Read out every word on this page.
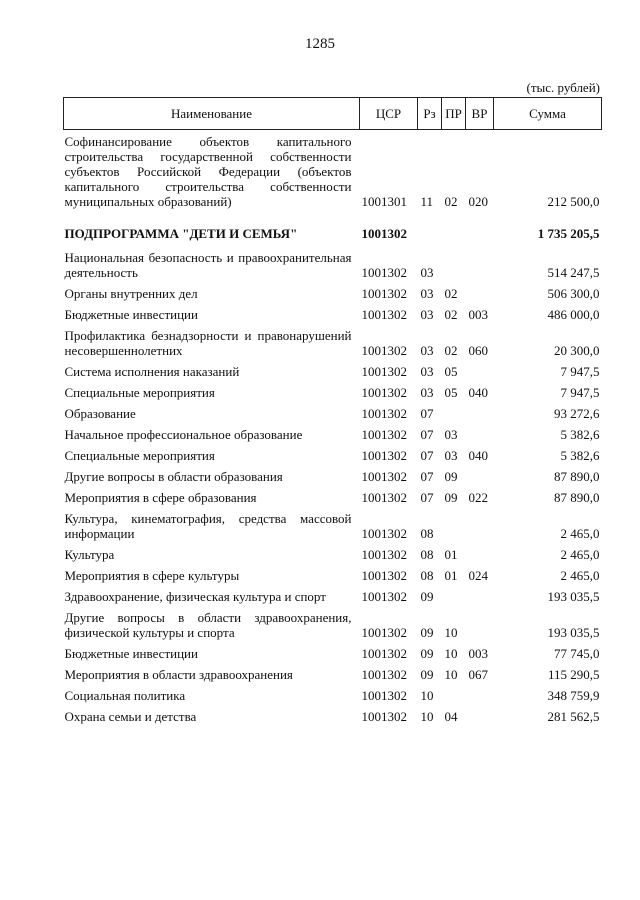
1285
(тыс. рублей)
Наименование	ЦСР	Рз	ПР	ВР	Сумма
Софинансирование объектов капитального строительства государственной собственности субъектов Российской Федерации (объектов капитального строительства собственности муниципальных образований)	1001301	11	02	020	212 500,0
ПОДПРОГРАММА "ДЕТИ И СЕМЬЯ"	1001302				1 735 205,5
Национальная безопасность и правоохранительная деятельность	1001302	03			514 247,5
Органы внутренних дел	1001302	03	02		506 300,0
Бюджетные инвестиции	1001302	03	02	003	486 000,0
Профилактика безнадзорности и правонарушений несовершеннолетних	1001302	03	02	060	20 300,0
Система исполнения наказаний	1001302	03	05		7 947,5
Специальные мероприятия	1001302	03	05	040	7 947,5
Образование	1001302	07			93 272,6
Начальное профессиональное образование	1001302	07	03		5 382,6
Специальные мероприятия	1001302	07	03	040	5 382,6
Другие вопросы в области образования	1001302	07	09		87 890,0
Мероприятия в сфере образования	1001302	07	09	022	87 890,0
Культура, кинематография, средства массовой информации	1001302	08			2 465,0
Культура	1001302	08	01		2 465,0
Мероприятия в сфере культуры	1001302	08	01	024	2 465,0
Здравоохранение, физическая культура и спорт	1001302	09			193 035,5
Другие вопросы в области здравоохранения, физической культуры и спорта	1001302	09	10		193 035,5
Бюджетные инвестиции	1001302	09	10	003	77 745,0
Мероприятия в области здравоохранения	1001302	09	10	067	115 290,5
Социальная политика	1001302	10			348 759,9
Охрана семьи и детства	1001302	10	04		281 562,5
